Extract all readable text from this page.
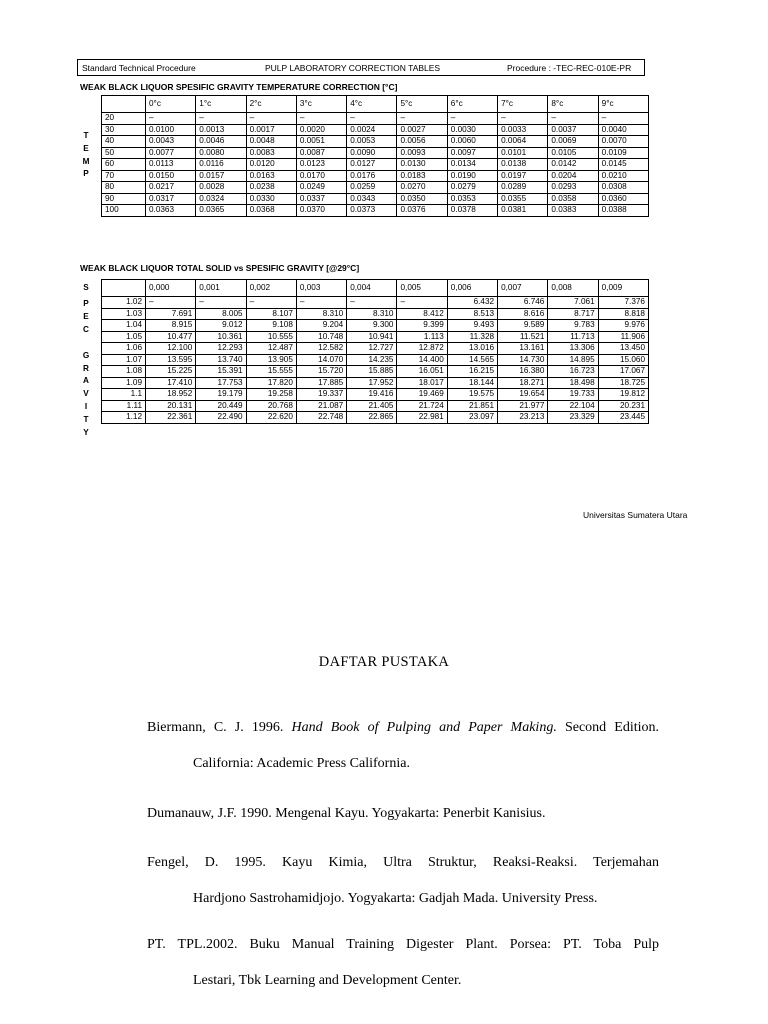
Standard Technical Procedure	PULP LABORATORY CORRECTION TABLES	Procedure : -TEC-REC-010E-PR
WEAK BLACK LIQUOR SPESIFIC GRAVITY TEMPERATURE CORRECTION [°C]
T
E
M
P
	0°c	1°c	2°c	3°c	4°c	5°c	6°c	7°c	8°c	9°c
20	–	–	–	–	–	–	–	–	–	–
30	0.0100	0.0013	0.0017	0.0020	0.0024	0.0027	0.0030	0.0033	0.0037	0.0040
40	0.0043	0.0046	0.0048	0.0051	0.0053	0.0056	0.0060	0.0064	0.0069	0.0070
50	0.0077	0.0080	0.0083	0.0087	0.0090	0.0093	0.0097	0.0101	0.0105	0.0109
60	0.0113	0.0116	0.0120	0.0123	0.0127	0.0130	0.0134	0.0138	0.0142	0.0145
70	0.0150	0.0157	0.0163	0.0170	0.0176	0.0183	0.0190	0.0197	0.0204	0.0210
80	0.0217	0.0028	0.0238	0.0249	0.0259	0.0270	0.0279	0.0289	0.0293	0.0308
90	0.0317	0.0324	0.0330	0.0337	0.0343	0.0350	0.0353	0.0355	0.0358	0.0360
100	0.0363	0.0365	0.0368	0.0370	0.0373	0.0376	0.0378	0.0381	0.0383	0.0388
WEAK BLACK LIQUOR TOTAL SOLID vs SPESIFIC GRAVITY [@29°C]
S
P
E
C
G
R
A
V
I
T
Y
	0,000	0,001	0,002	0,003	0,004	0,005	0,006	0,007	0,008	0,009
1.02	–	–	–	–	–	–	6.432	6.746	7.061	7.376
1.03	7.691	8.005	8.107	8.310	8.310	8.412	8.513	8.616	8.717	8.818
1.04	8.915	9.012	9.108	9.204	9.300	9.399	9.493	9.589	9.783	9.976
1.05	10.477	10.361	10.555	10.748	10.941	1.113	11.328	11.521	11.713	11.906
1.06	12.100	12.293	12.487	12.582	12.727	12.872	13.016	13.161	13.306	13.450
1.07	13.595	13.740	13.905	14.070	14.235	14.400	14.565	14.730	14.895	15.060
1.08	15.225	15.391	15.555	15.720	15.885	16.051	16.215	16.380	16.723	17.067
1.09	17.410	17.753	17.820	17.885	17.952	18.017	18.144	18.271	18.498	18.725
1.1	18.952	19.179	19.258	19.337	19.416	19.469	19.575	19.654	19.733	19.812
1.11	20.131	20.449	20.768	21.087	21.405	21.724	21.851	21.977	22.104	20.231
1.12	22.361	22.490	22.620	22.748	22.865	22.981	23.097	23.213	23.329	23.445
Universitas Sumatera Utara
DAFTAR PUSTAKA
Biermann, C. J. 1996. Hand Book of Pulping and Paper Making. Second Edition.
California: Academic Press California.
Dumanauw, J.F. 1990. Mengenal Kayu. Yogyakarta: Penerbit Kanisius.
Fengel, D. 1995. Kayu Kimia, Ultra Struktur, Reaksi-Reaksi. Terjemahan
Hardjono Sastrohamidjojo. Yogyakarta: Gadjah Mada. University Press.
PT. TPL.2002. Buku Manual Training Digester Plant. Porsea: PT. Toba Pulp
Lestari, Tbk Learning and Development Center.
